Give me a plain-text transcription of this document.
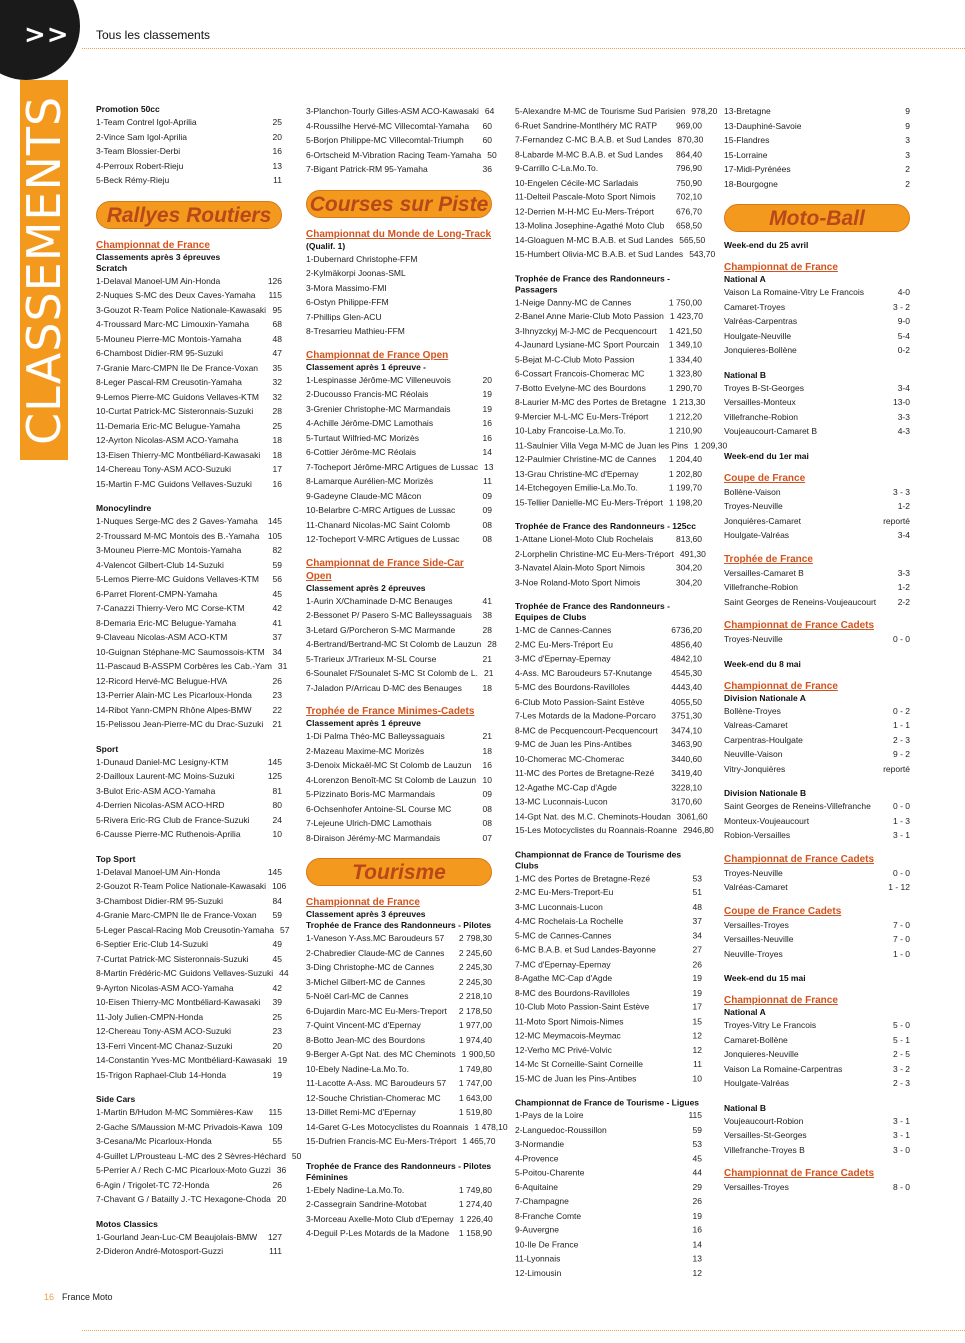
>>
CLASSEMENTS
Tous les classements
Promotion 50cc
1-Team Contrel Igol-Aprilia	25
2-Vince Sam Igol-Aprilia	20
3-Team Blossier-Derbi	16
4-Perroux Robert-Rieju	13
5-Beck Rémy-Rieju	11
Rallyes Routiers
Championnat de France
Classements après 3 épreuves
Scratch
1-Delaval Manoel-UM Ain-Honda	126
2-Nuques S-MC des Deux Caves-Yamaha	115
3-Gouzot R-Team Police Nationale-Kawasaki 95
4-Troussard Marc-MC Limouxin-Yamaha	68
5-Mouneu Pierre-MC Montois-Yamaha	48
6-Chambost Didier-RM 95-Suzuki	47
7-Granie Marc-CMPN Ile De France-Voxan	35
8-Leger Pascal-RM Creusotin-Yamaha	32
9-Lemos Pierre-MC Guidons Vellaves-KTM	32
10-Curtat Patrick-MC Sisteronnais-Suzuki	28
11-Demaria Eric-MC Belugue-Yamaha	25
12-Ayrton Nicolas-ASM ACO-Yamaha	18
13-Eisen Thierry-MC Montbéliard-Kawasaki	18
14-Chereau Tony-ASM ACO-Suzuki	17
15-Martin F-MC Guidons Vellaves-Suzuki	16
Monocylindre
1-Nuques Serge-MC des 2 Gaves-Yamaha	145
2-Troussard M-MC Montois des B.-Yamaha 105
3-Mouneu Pierre-MC Montois-Yamaha	82
4-Valencot Gilbert-Club 14-Suzuki	59
5-Lemos Pierre-MC Guidons Vellaves-KTM	56
6-Parret Florent-CMPN-Yamaha	45
7-Canazzi Thierry-Vero MC Corse-KTM	42
8-Demaria Eric-MC Belugue-Yamaha	41
9-Claveau Nicolas-ASM ACO-KTM	37
10-Guignan Stéphane-MC Saumossois-KTM 34
11-Pascaud B-ASSPM Corbères les Cab.-Yam 31
12-Ricord Hervé-MC Belugue-HVA	26
13-Perrier Alain-MC Les Picarloux-Honda	23
14-Ribot Yann-CMPN Rhône Alpes-BMW	22
15-Pelissou Jean-Pierre-MC du Drac-Suzuki	21
Sport
1-Dunaud Daniel-MC Lesigny-KTM	145
2-Dailloux Laurent-MC Moins-Suzuki	125
3-Bulot Eric-ASM ACO-Yamaha	81
4-Derrien Nicolas-ASM ACO-HRD	80
5-Rivera Eric-RG Club de France-Suzuki	24
6-Causse Pierre-MC Ruthenois-Aprilia	10
Top Sport
1-Delaval Manoel-UM Ain-Honda	145
2-Gouzot R-Team Police Nationale-Kawasaki 106
3-Chambost Didier-RM 95-Suzuki	84
4-Granie Marc-CMPN Ile de France-Voxan	59
5-Leger Pascal-Racing Mob Creusotin-Yamaha 57
6-Septier Eric-Club 14-Suzuki	49
7-Curtat Patrick-MC Sisteronnais-Suzuki	45
8-Martin Frédéric-MC Guidons Vellaves-Suzuki 44
9-Ayrton Nicolas-ASM ACO-Yamaha	42
10-Eisen Thierry-MC Montbéliard-Kawasaki	39
11-Joly Julien-CMPN-Honda	25
12-Chereau Tony-ASM ACO-Suzuki	23
13-Ferri Vincent-MC Chanaz-Suzuki	20
14-Constantin Yves-MC Montbéliard-Kawasaki 19
15-Trigon Raphael-Club 14-Honda	19
Side Cars
1-Martin B/Hudon M-MC Sommières-Kaw	115
2-Gache S/Maussion M-MC Privadois-Kawa 109
3-Cesana/Mc Picarloux-Honda	55
4-Guillet L/Prousteau L-MC des 2 Sèvres-Héchard 50
5-Perrier A / Rech C-MC Picarloux-Moto Guzzi 36
6-Agin / Trigolet-TC 72-Honda	26
7-Chavant G / Batailly J.-TC Hexagone-Choda 20
Motos Classics
1-Gourland Jean-Luc-CM Beaujolais-BMW	127
2-Dideron André-Motosport-Guzzi	111
3-Planchon-Tourly Gilles-ASM ACO-Kawasaki 64
4-Roussilhe Hervé-MC Villecomtal-Yamaha	60
5-Borjon Philippe-MC Villecomtal-Triumph	60
6-Ortscheid M-Vibration Racing Team-Yamaha 50
7-Bigant Patrick-RM 95-Yamaha	36
Courses sur Piste
Championnat du Monde de Long-Track
(Qualif. 1)
1-Dubernard Christophe-FFM
2-Kylmäkorpi Joonas-SML
3-Mora Massimo-FMI
6-Ostyn Philippe-FFM
7-Phillips Glen-ACU
8-Tresarrieu Mathieu-FFM
Championnat de France Open
Classement après 1 épreuve -
1-Lespinasse Jérôme-MC Villeneuvois	20
2-Ducousso Francis-MC Réolais	19
3-Grenier Christophe-MC Marmandais	19
4-Achille Jérôme-DMC Lamothais	16
5-Turtaut Wilfried-MC Morizès	16
6-Cottier Jérôme-MC Réolais	14
7-Tocheport Jérôme-MRC Artigues de Lussac 13
8-Lamarque Aurélien-MC Morizès	11
9-Gadeyne Claude-MC Mâcon	09
10-Belarbre C-MRC Artigues de Lussac	09
11-Chanard Nicolas-MC Saint Colomb	08
12-Tocheport V-MRC Artigues de Lussac	08
Championnat de France Side-Car Open
Classement après 2 épreuves
1-Aurin X/Chaminade D-MC Benauges	41
2-Bessonet P/ Pasero S-MC Balleyssaguais	38
3-Letard G/Porcheron S-MC Marmande	28
4-Bertrand/Bertrand-MC St Colomb de Lauzun 28
5-Trarieux J/Trarieux M-SL Course	21
6-Sounalet F/Sounalet S-MC St Colomb de L. 21
7-Jaladon P/Arricau D-MC des Benauges	18
Trophée de France Minimes-Cadets
Classement après 1 épreuve
1-Di Palma Théo-MC Balleyssaguais	21
2-Mazeau Maxime-MC Morizès	18
3-Denoix Mickaël-MC St Colomb de Lauzun	16
4-Lorenzon Benoît-MC St Colomb de Lauzun 10
5-Pizzinato Boris-MC Marmandais	09
6-Ochsenhofer Antoine-SL Course MC	08
7-Lejeune Ulrich-DMC Lamothais	08
8-Diraison Jérémy-MC Marmandais	07
Tourisme
Championnat de France
Classement après 3 épreuves
Trophée de France des Randonneurs - Pilotes
1-Vaneson Y-Ass.MC Baroudeurs 57	2 798,30
2-Chabredier Claude-MC de Cannes	2 245,60
3-Ding Christophe-MC de Cannes	2 245,30
3-Michel Gilbert-MC de Cannes	2 245,30
5-Noël Carl-MC de Cannes	2 218,10
6-Dujardin Marc-MC Eu-Mers-Treport	2 178,50
7-Quint Vincent-MC d'Epernay	1 977,00
8-Botto Jean-MC des Bourdons	1 974,40
9-Berger A-Gpt Nat. des MC Cheminots 1 900,50
10-Ebely Nadine-La.Mo.To.	1 749,80
11-Lacotte A-Ass. MC Baroudeurs 57	1 747,00
12-Souche Christian-Chomerac MC	1 643,00
13-Dillet Remi-MC d'Epernay	1 519,80
14-Garet G-Les Motocyclistes du Roannais 1 478,10
15-Dufrien Francis-MC Eu-Mers-Tréport 1 465,70
Trophée de France des Randonneurs - Pilotes Féminines
1-Ebely Nadine-La.Mo.To.	1 749,80
2-Cassegrain Sandrine-Motobat	1 274,40
3-Morceau Axelle-Moto Club d'Epernay 1 226,40
4-Deguil P-Les Motards de la Madone	1 158,90
5-Alexandre M-MC de Tourisme Sud Parisien 978,20
6-Ruet Sandrine-Montlhéry MC RATP	969,00
7-Fernandez C-MC B.A.B. et Sud Landes 870,30
8-Labarde M-MC B.A.B. et Sud Landes	864,40
9-Carrillo C-La.Mo.To.	796,90
10-Engelen Cécile-MC Sarladais	750,90
11-Delteil Pascale-Moto Sport Nimois	702,10
12-Derrien M-H-MC Eu-Mers-Tréport	676,70
13-Molina Josephine-Agathé Moto Club	658,50
14-Gloaguen M-MC B.A.B. et Sud Landes 565,50
15-Humbert Olivia-MC B.A.B. et Sud Landes 543,70
Trophée de France des Randonneurs - Passagers
1-Neige Danny-MC de Cannes	1 750,00
2-Banel Anne Marie-Club Moto Passion 1 423,70
3-Ihnyzckyj M-J-MC de Pecquencourt	1 421,50
4-Jaunard Lysiane-MC Sport Pourcain	1 349,10
5-Bejat M-C-Club Moto Passion	1 334,40
6-Cossart Francois-Chomerac MC	1 323,80
7-Botto Evelyne-MC des Bourdons	1 290,70
8-Laurier M-MC des Portes de Bretagne 1 213,30
9-Mercier M-L-MC Eu-Mers-Tréport	1 212,20
10-Laby Francoise-La.Mo.To.	1 210,90
11-Saulnier Villa Vega M-MC de Juan les Pins 1 209,30
12-Paulmier Christine-MC de Cannes	1 204,40
13-Grau Christine-MC d'Epernay	1 202,80
14-Etchegoyen Emilie-La.Mo.To.	1 199,70
15-Tellier Danielle-MC Eu-Mers-Tréport 1 198,20
Trophée de France des Randonneurs - 125cc
1-Attane Lionel-Moto Club Rochelais	813,60
2-Lorphelin Christine-MC Eu-Mers-Tréport 491,30
3-Navatel Alain-Moto Sport Nimois	304,20
3-Noe Roland-Moto Sport Nimois	304,20
Trophée de France des Randonneurs - Equipes de Clubs
1-MC de Cannes-Cannes	6736,20
2-MC Eu-Mers-Tréport Eu	4856,40
3-MC d'Epernay-Epernay	4842,10
4-Ass. MC Baroudeurs 57-Knutange	4545,30
5-MC des Bourdons-Ravilloles	4443,40
6-Club Moto Passion-Saint Estève	4055,50
7-Les Motards de la Madone-Porcaro	3751,30
8-MC de Pecquencourt-Pecquencourt	3474,10
9-MC de Juan les Pins-Antibes	3463,90
10-Chomerac MC-Chomerac	3440,60
11-MC des Portes de Bretagne-Rezé	3419,40
12-Agathe MC-Cap d'Agde	3228,10
13-MC Luconnais-Lucon	3170,60
14-Gpt Nat. des M.C. Cheminots-Houdan 3061,60
15-Les Motocyclistes du Roannais-Roanne 2946,80
Championnat de France de Tourisme des Clubs
1-MC des Portes de Bretagne-Rezé	53
2-MC Eu-Mers-Treport-Eu	51
3-MC Luconnais-Lucon	48
4-MC Rochelais-La Rochelle	37
5-MC de Cannes-Cannes	34
6-MC B.A.B. et Sud Landes-Bayonne	27
7-MC d'Epernay-Epernay	26
8-Agathe MC-Cap d'Agde	19
8-MC des Bourdons-Ravilloles	19
10-Club Moto Passion-Saint Estève	17
11-Moto Sport Nimois-Nimes	15
12-MC Meymacois-Meymac	12
12-Verho MC Privé-Volvic	12
14-Mc St Corneille-Saint Corneille	11
15-MC de Juan les Pins-Antibes	10
Championnat de France de Tourisme - Ligues
1-Pays de la Loire	115
2-Languedoc-Roussillon	59
3-Normandie	53
4-Provence	45
5-Poitou-Charente	44
6-Aquitaine	29
7-Champagne	26
8-Franche Comte	19
9-Auvergne	16
10-Ile De France	14
11-Lyonnais	13
12-Limousin	12
13-Bretagne	9
13-Dauphiné-Savoie	9
15-Flandres	3
15-Lorraine	3
17-Midi-Pyrénées	2
18-Bourgogne	2
Moto-Ball
Week-end du 25 avril
Championnat de France
National A
Vaison La Romaine-Vitry Le Francois	4-0
Camaret-Troyes	3 - 2
Valréas-Carpentras	9-0
Houlgate-Neuville	5-4
Jonquieres-Bollène	0-2
National B
Troyes B-St-Georges	3-4
Versailles-Monteux	13-0
Villefranche-Robion	3-3
Voujeaucourt-Camaret B	4-3
Week-end du 1er mai
Coupe de France
Bollène-Vaison	3 - 3
Troyes-Neuville	1-2
Jonquières-Camaret	reporté
Houlgate-Valréas	3-4
Trophée de France
Versailles-Camaret B	3-3
Villefranche-Robion	1-2
Saint Georges de Reneins-Voujeaucourt	2-2
Championnat de France Cadets
Troyes-Neuville	0 - 0
Week-end du 8 mai
Championnat de France
Division Nationale A
Bollène-Troyes	0 - 2
Valreas-Camaret	1 - 1
Carpentras-Houlgate	2 - 3
Neuville-Vaison	9 - 2
Vitry-Jonquières	reporté
Division Nationale B
Saint Georges de Reneins-Villefranche	0 - 0
Monteux-Voujeaucourt	1 - 3
Robion-Versailles	3 - 1
Championnat de France Cadets
Troyes-Neuville	0 - 0
Valréas-Camaret	1 - 12
Coupe de France Cadets
Versailles-Troyes	7 - 0
Versailles-Neuville	7 - 0
Neuville-Troyes	1 - 0
Week-end du 15 mai
Championnat de France
National A
Troyes-Vitry Le Francois	5 - 0
Camaret-Bollène	5 - 1
Jonquieres-Neuville	2 - 5
Vaison La Romaine-Carpentras	3 - 2
Houlgate-Valréas	2 - 3
National B
Voujeaucourt-Robion	3 - 1
Versailles-St-Georges	3 - 1
Villefranche-Troyes B	3 - 0
Championnat de France Cadets
Versailles-Troyes	8 - 0
16 France Moto
